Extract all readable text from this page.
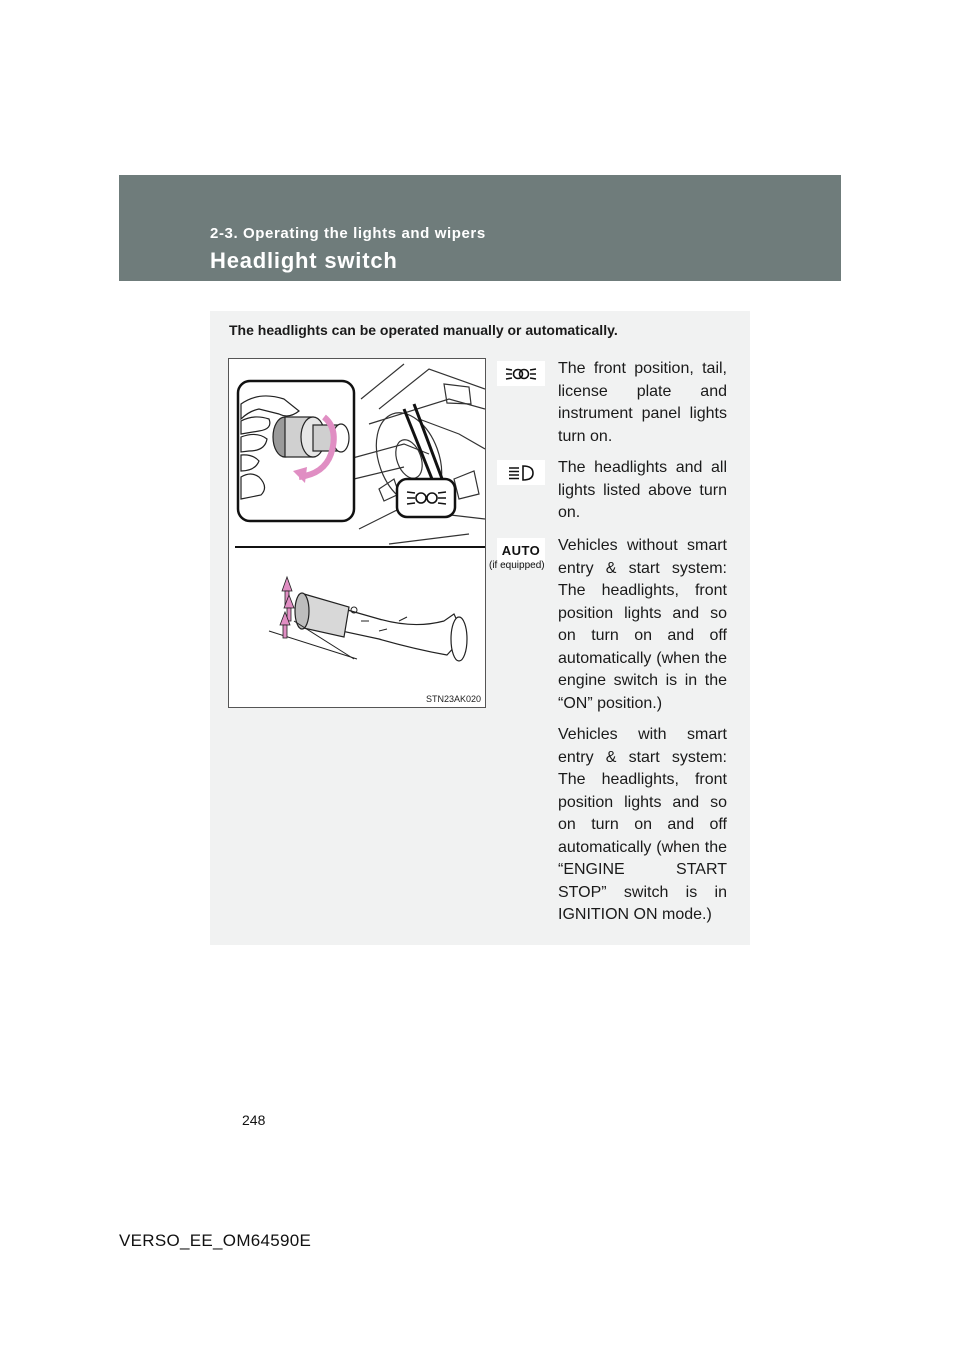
2-3. Operating the lights and wipers
Headlight switch
The headlights can be operated manually or automatically.
STN23AK020
AUTO
(if equipped)
The front position, tail, license plate and instrument panel lights turn on.
The headlights and all lights listed above turn on.
Vehicles without smart entry & start system: The headlights, front position lights and so on turn on and off automatically (when the engine switch is in the “ON” position.)
Vehicles with smart entry & start system: The headlights, front position lights and so on turn on and off automatically (when the “ENGINE START STOP” switch is in IGNITION ON mode.)
248
VERSO_EE_OM64590E
